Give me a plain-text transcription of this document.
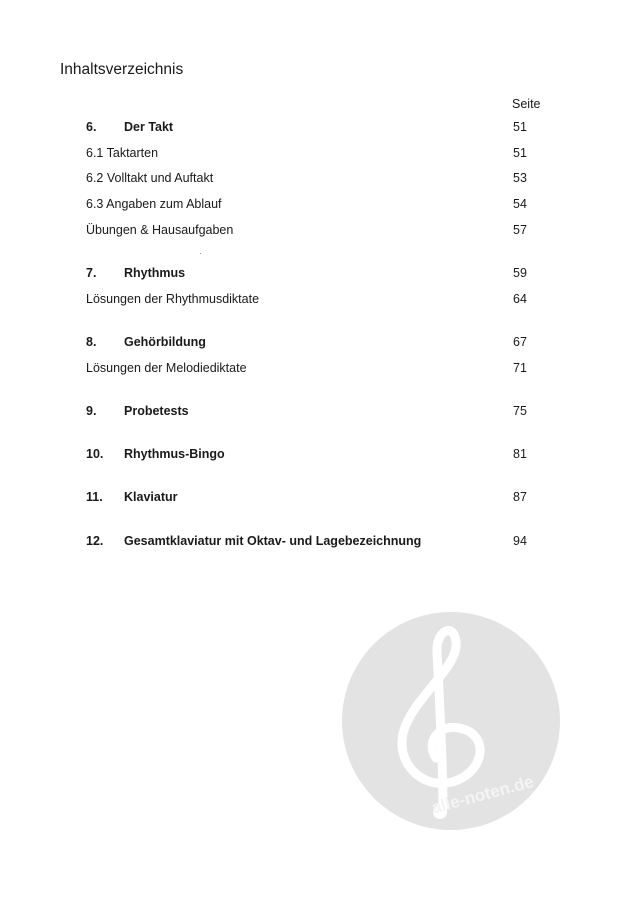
Inhaltsverzeichnis
Seite
6. Der Takt	51
6.1 Taktarten	51
6.2 Volltakt und Auftakt	53
6.3 Angaben zum Ablauf	54
Übungen & Hausaufgaben	57
7. Rhythmus	59
Lösungen der Rhythmusdiktate	64
8. Gehörbildung	67
Lösungen der Melodiediktate	71
9. Probetests	75
10. Rhythmus-Bingo	81
11. Klaviatur	87
12. Gesamtklaviatur mit Oktav- und Lagebezeichnung	94
alle-noten.de
